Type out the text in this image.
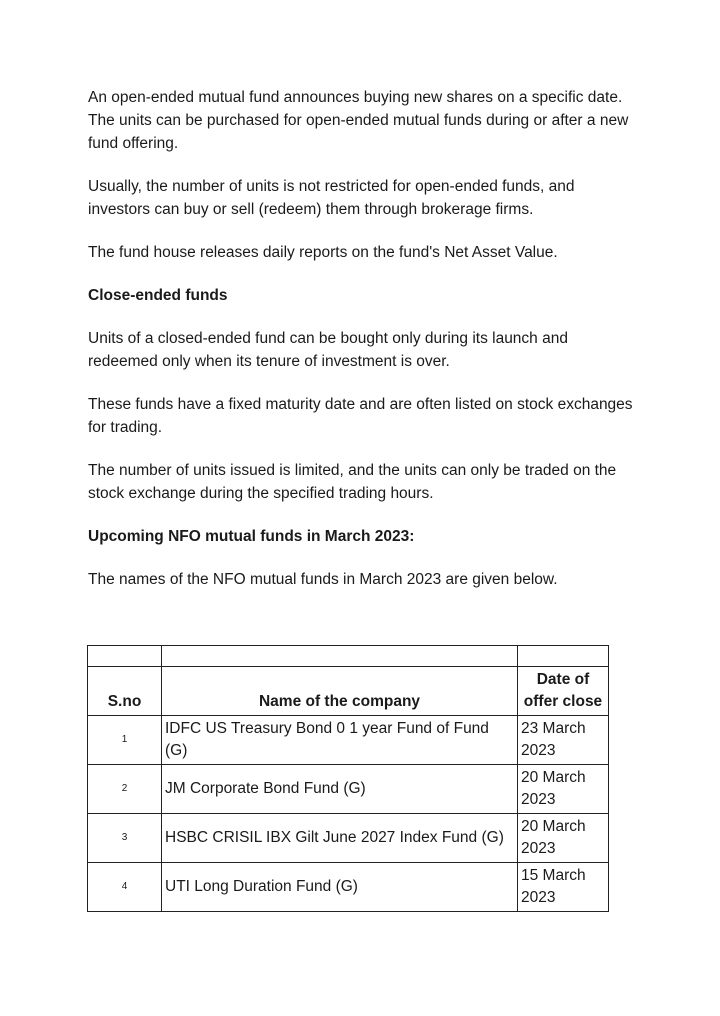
An open-ended mutual fund announces buying new shares on a specific date. The units can be purchased for open-ended mutual funds during or after a new fund offering.

Usually, the number of units is not restricted for open-ended funds, and investors can buy or sell (redeem) them through brokerage firms.

The fund house releases daily reports on the fund's Net Asset Value.

Close-ended funds

Units of a closed-ended fund can be bought only during its launch and redeemed only when its tenure of investment is over.

These funds have a fixed maturity date and are often listed on stock exchanges for trading.

The number of units issued is limited, and the units can only be traded on the stock exchange during the specified trading hours.

Upcoming NFO mutual funds in March 2023:

The names of the NFO mutual funds in March 2023 are given below.

S.no	Name of the company	Date of offer close
1	IDFC US Treasury Bond 0 1 year Fund of Fund (G)	23 March 2023
2	JM Corporate Bond Fund (G)	20 March 2023
3	HSBC CRISIL IBX Gilt June 2027 Index Fund (G)	20 March 2023
4	UTI Long Duration Fund (G)	15 March 2023
